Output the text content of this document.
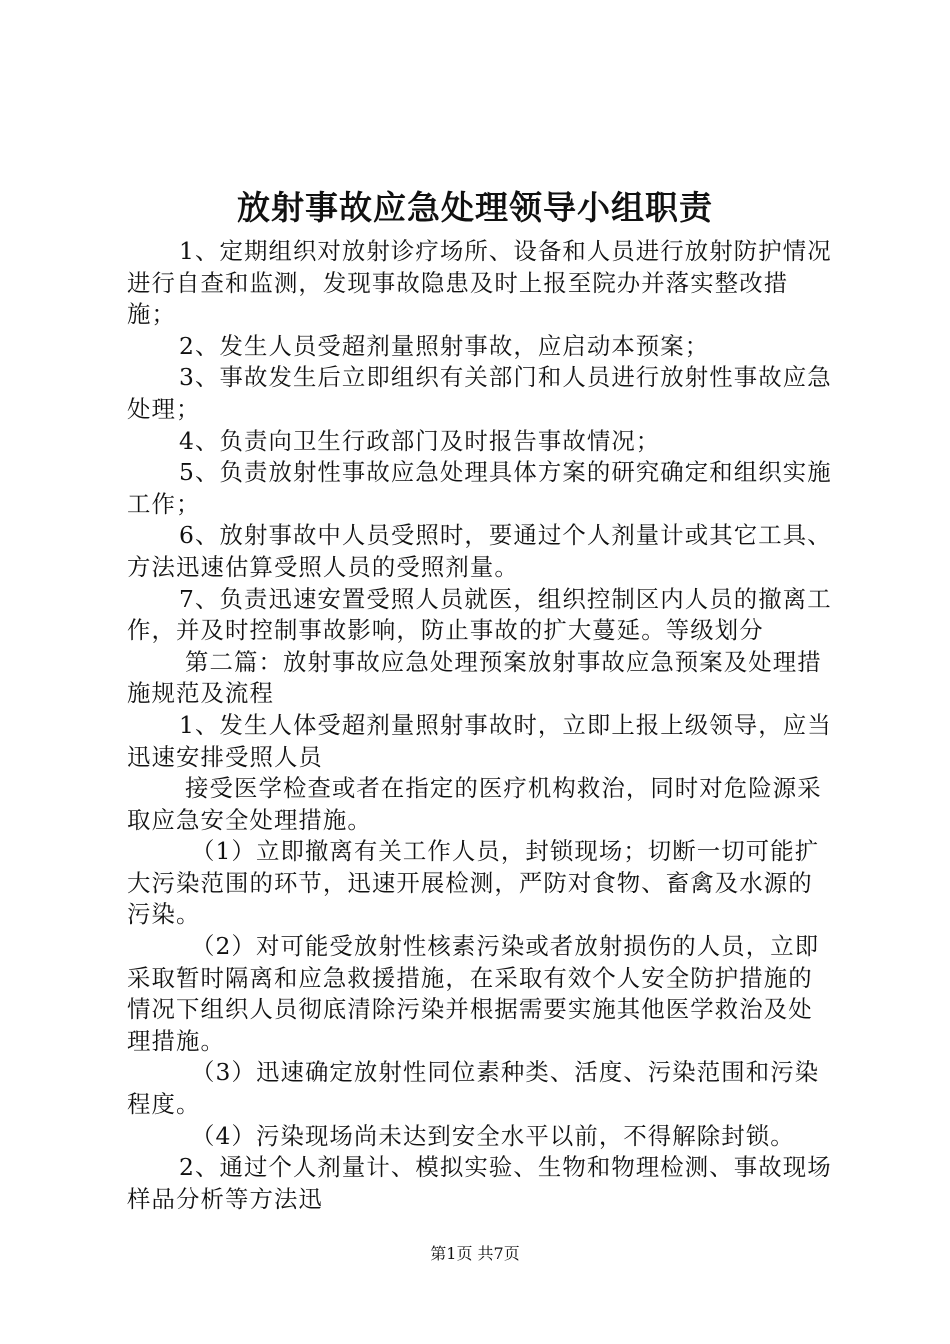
放射事故应急处理领导小组职责

1、定期组织对放射诊疗场所、设备和人员进行放射防护情况进行自查和监测，发现事故隐患及时上报至院办并落实整改措施；

2、发生人员受超剂量照射事故，应启动本预案；

3、事故发生后立即组织有关部门和人员进行放射性事故应急处理；

4、负责向卫生行政部门及时报告事故情况；

5、负责放射性事故应急处理具体方案的研究确定和组织实施工作；

6、放射事故中人员受照时，要通过个人剂量计或其它工具、方法迅速估算受照人员的受照剂量。

7、负责迅速安置受照人员就医，组织控制区内人员的撤离工作，并及时控制事故影响，防止事故的扩大蔓延。等级划分

第二篇：放射事故应急处理预案放射事故应急预案及处理措施规范及流程

1、发生人体受超剂量照射事故时，立即上报上级领导，应当迅速安排受照人员

接受医学检查或者在指定的医疗机构救治，同时对危险源采取应急安全处理措施。

（1）立即撤离有关工作人员，封锁现场；切断一切可能扩大污染范围的环节，迅速开展检测，严防对食物、畜禽及水源的污染。

（2）对可能受放射性核素污染或者放射损伤的人员，立即采取暂时隔离和应急救援措施，在采取有效个人安全防护措施的情况下组织人员彻底清除污染并根据需要实施其他医学救治及处理措施。

（3）迅速确定放射性同位素种类、活度、污染范围和污染程度。

（4）污染现场尚未达到安全水平以前，不得解除封锁。

2、通过个人剂量计、模拟实验、生物和物理检测、事故现场样品分析等方法迅

第1页 共7页
